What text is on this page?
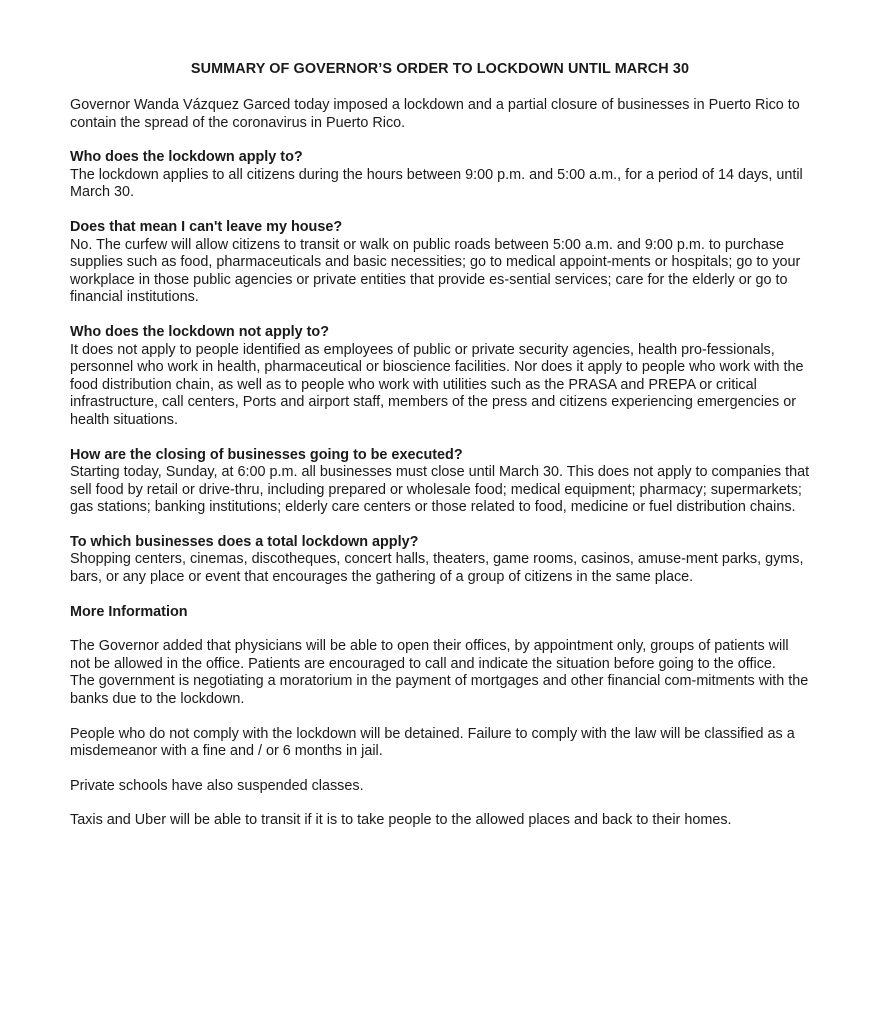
SUMMARY OF GOVERNOR’S ORDER TO LOCKDOWN UNTIL MARCH 30

Governor Wanda Vázquez Garced today imposed a lockdown and a partial closure of businesses in Puerto Rico to contain the spread of the coronavirus in Puerto Rico.

Who does the lockdown apply to?

The lockdown applies to all citizens during the hours between 9:00 p.m. and 5:00 a.m., for a period of 14 days, until March 30.

Does that mean I can't leave my house?

No. The curfew will allow citizens to transit or walk on public roads between 5:00 a.m. and 9:00 p.m. to purchase supplies such as food, pharmaceuticals and basic necessities; go to medical appoint-ments or hospitals; go to your workplace in those public agencies or private entities that provide es-sential services; care for the elderly or go to financial institutions.

Who does the lockdown not apply to?

It does not apply to people identified as employees of public or private security agencies, health pro-fessionals, personnel who work in health, pharmaceutical or bioscience facilities. Nor does it apply to people who work with the food distribution chain, as well as to people who work with utilities such as the PRASA and PREPA or critical infrastructure, call centers, Ports and airport staff, members of the press and citizens experiencing emergencies or health situations.

How are the closing of businesses going to be executed?

Starting today, Sunday, at 6:00 p.m. all businesses must close until March 30. This does not apply to companies that sell food by retail or drive-thru, including prepared or wholesale food; medical equipment; pharmacy; supermarkets; gas stations; banking institutions; elderly care centers or those related to food, medicine or fuel distribution chains.

To which businesses does a total lockdown apply?

Shopping centers, cinemas, discotheques, concert halls, theaters, game rooms, casinos, amuse-ment parks, gyms, bars, or any place or event that encourages the gathering of a group of citizens in the same place.

More Information

The Governor added that physicians will be able to open their offices, by appointment only, groups of patients will not be allowed in the office. Patients are encouraged to call and indicate the situation before going to the office.

The government is negotiating a moratorium in the payment of mortgages and other financial com-mitments with the banks due to the lockdown.

People who do not comply with the lockdown will be detained. Failure to comply with the law will be classified as a misdemeanor with a fine and / or 6 months in jail.

Private schools have also suspended classes.

Taxis and Uber will be able to transit if it is to take people to the allowed places and back to their homes.
